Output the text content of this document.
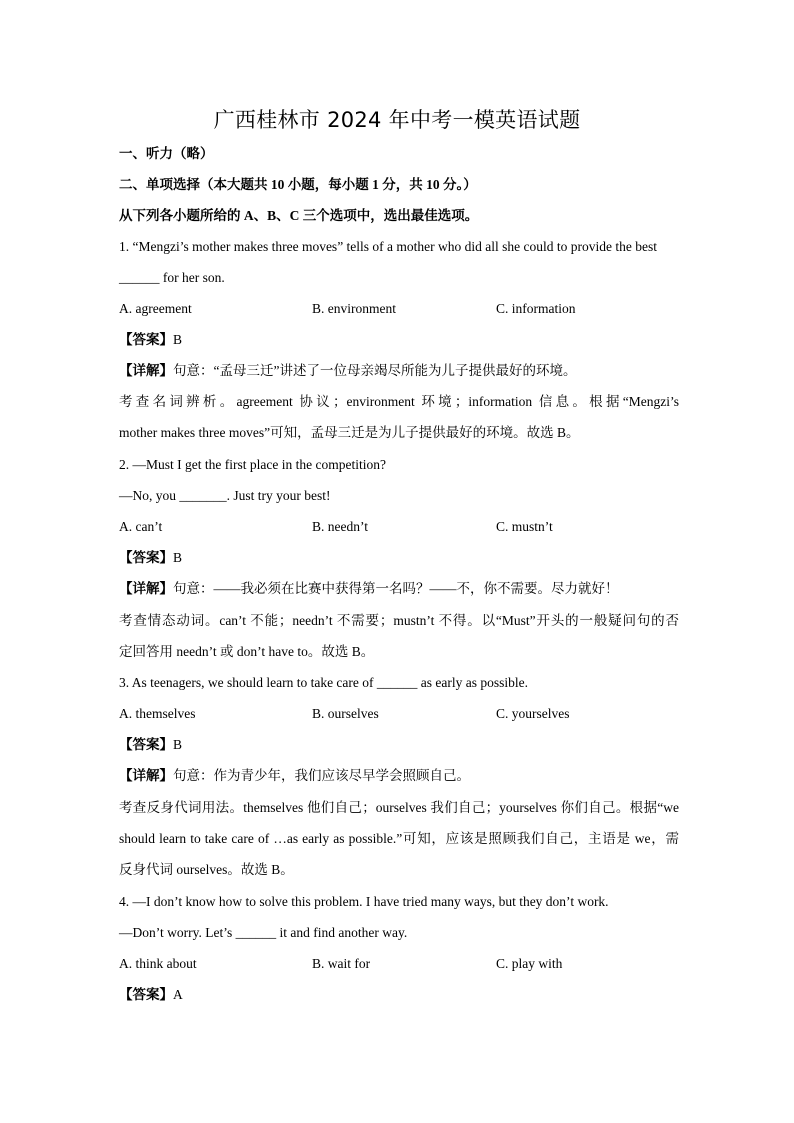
广西桂林市 2024 年中考一模英语试题
一、听力（略）
二、单项选择（本大题共 10 小题，每小题 1 分，共 10 分。）
从下列各小题所给的 A、B、C 三个选项中，选出最佳选项。
1. “Mengzi’s mother makes three moves” tells of a mother who did all she could to provide the best
______ for her son.
A. agreement	B. environment	C. information
【答案】B
【详解】句意：“孟母三迁”讲述了一位母亲竭尽所能为儿子提供最好的环境。
考查名词辨析。agreement 协议；environment 环境；information 信息。根据“Mengzi’s
mother makes three moves”可知，孟母三迁是为儿子提供最好的环境。故选 B。
2. —Must I get the first place in the competition?
—No, you _______. Just try your best!
A. can’t	B. needn’t	C. mustn’t
【答案】B
【详解】句意：——我必须在比赛中获得第一名吗？——不，你不需要。尽力就好！
考查情态动词。can’t 不能；needn’t 不需要；mustn’t 不得。以“Must”开头的一般疑问句的否
定回答用 needn’t 或 don’t have to。故选 B。
3. As teenagers, we should learn to take care of ______ as early as possible.
A. themselves	B. ourselves	C. yourselves
【答案】B
【详解】句意：作为青少年，我们应该尽早学会照顾自己。
考查反身代词用法。themselves 他们自己；ourselves 我们自己；yourselves 你们自己。根据“we
should learn to take care of …as early as possible.”可知，应该是照顾我们自己，主语是 we，需
反身代词 ourselves。故选 B。
4. —I don’t know how to solve this problem. I have tried many ways, but they don’t work.
—Don’t worry. Let’s ______ it and find another way.
A. think about	B. wait for	C. play with
【答案】A
